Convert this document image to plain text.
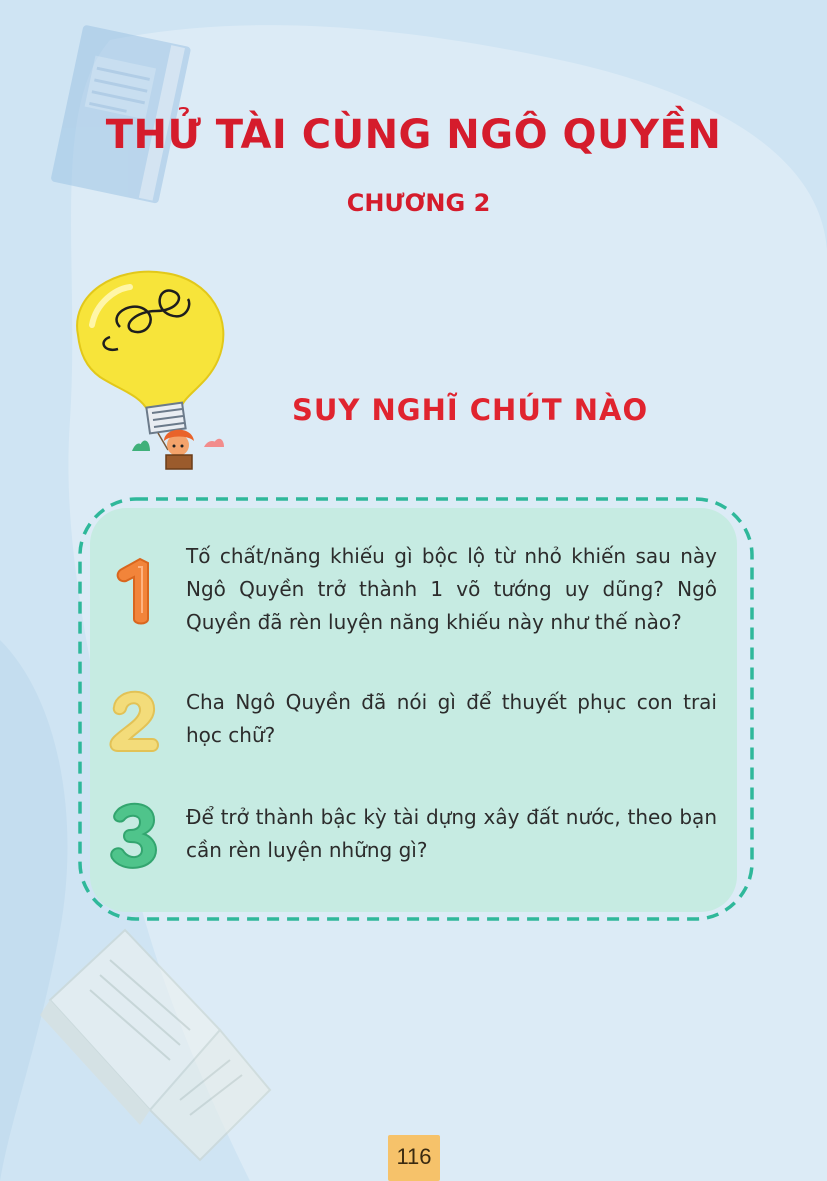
THỬ TÀI CÙNG NGÔ QUYỀN
CHƯƠNG 2
SUY NGHĨ CHÚT NÀO
Tố chất/năng khiếu gì bộc lộ từ nhỏ khiến sau này Ngô Quyền trở thành 1 võ tướng uy dũng? Ngô Quyền đã rèn luyện năng khiếu này như thế nào?
Cha Ngô Quyền đã nói gì để thuyết phục con trai học chữ?
Để trở thành bậc kỳ tài dựng xây đất nước, theo bạn cần rèn luyện những gì?
116
